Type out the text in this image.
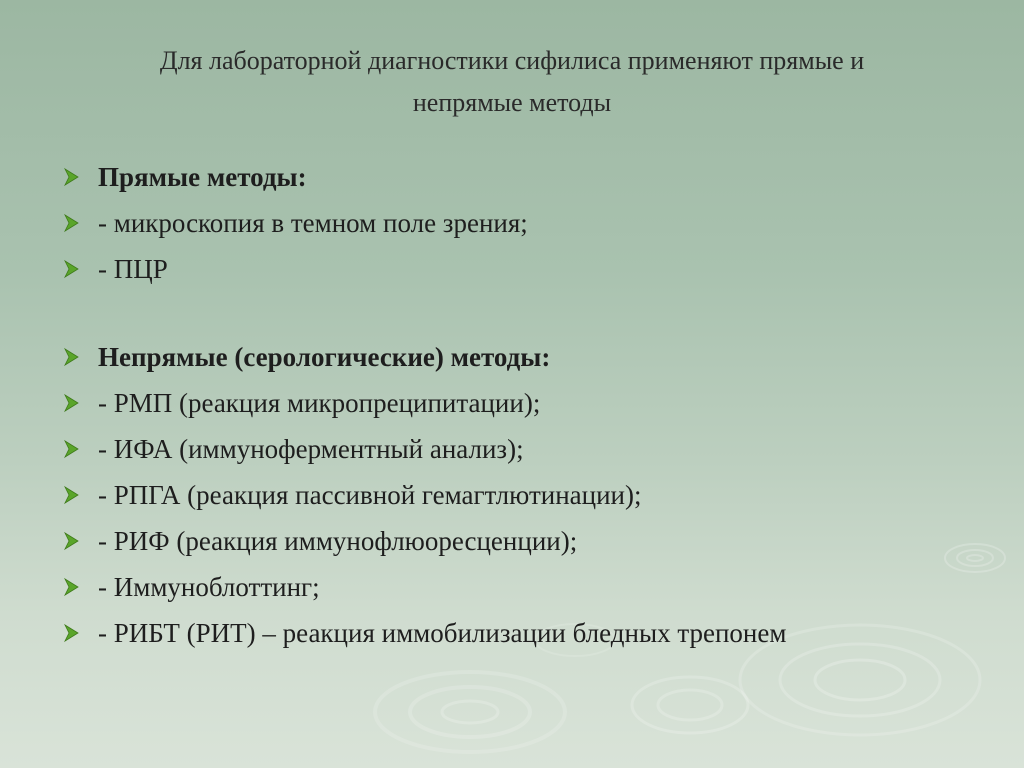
Для лабораторной диагностики сифилиса применяют прямые и
непрямые методы
Прямые методы:
- микроскопия в темном поле зрения;
- ПЦР
Непрямые (серологические) методы:
- РМП (реакция микропреципитации);
- ИФА (иммуноферментный анализ);
- РПГА (реакция пассивной гемагтлютинации);
- РИФ (реакция иммунофлюоресценции);
- Иммуноблоттинг;
- РИБТ (РИТ) – реакция иммобилизации бледных трепонем
